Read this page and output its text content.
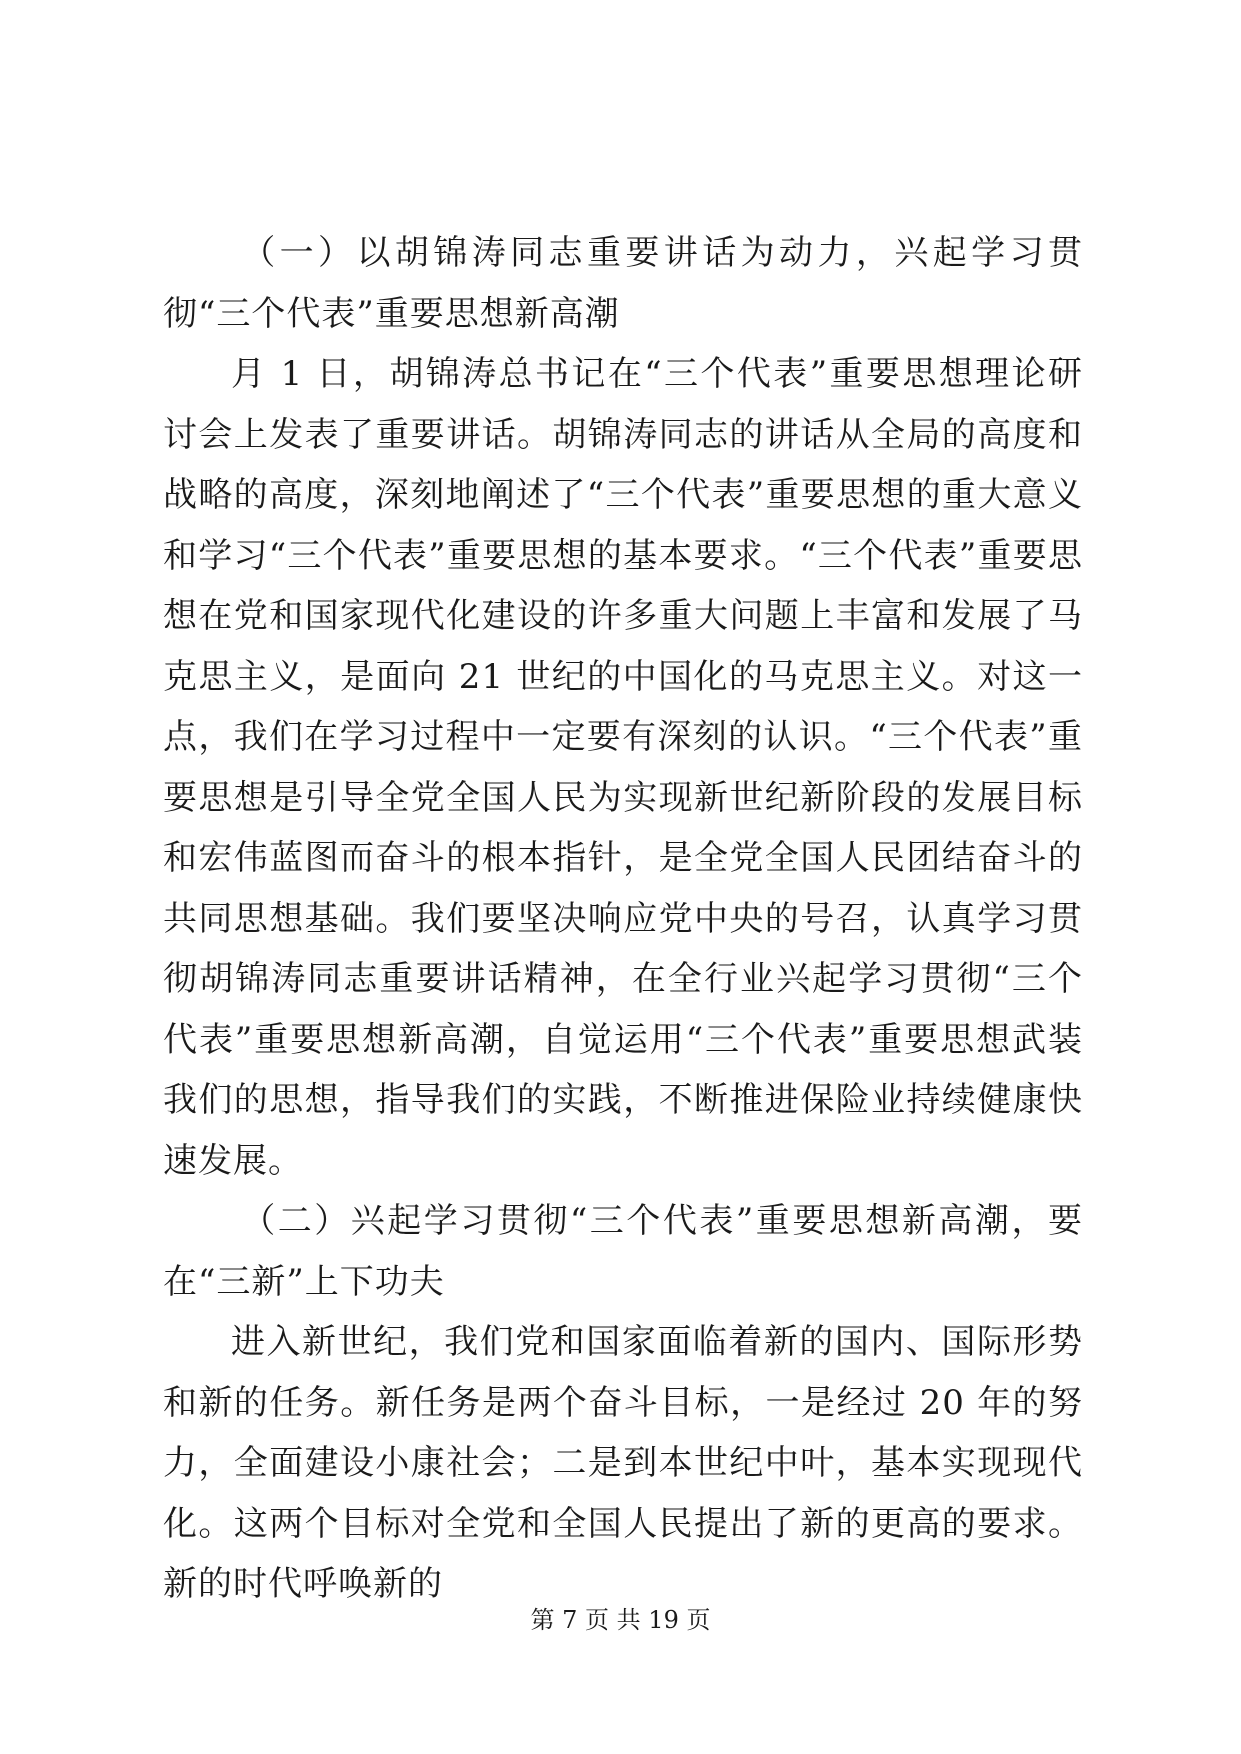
（一）以胡锦涛同志重要讲话为动力，兴起学习贯彻“三个代表”重要思想新高潮

月 1 日，胡锦涛总书记在“三个代表”重要思想理论研讨会上发表了重要讲话。胡锦涛同志的讲话从全局的高度和战略的高度，深刻地阐述了“三个代表”重要思想的重大意义和学习“三个代表”重要思想的基本要求。“三个代表”重要思想在党和国家现代化建设的许多重大问题上丰富和发展了马克思主义，是面向 21 世纪的中国化的马克思主义。对这一点，我们在学习过程中一定要有深刻的认识。“三个代表”重要思想是引导全党全国人民为实现新世纪新阶段的发展目标和宏伟蓝图而奋斗的根本指针，是全党全国人民团结奋斗的共同思想基础。我们要坚决响应党中央的号召，认真学习贯彻胡锦涛同志重要讲话精神，在全行业兴起学习贯彻“三个代表”重要思想新高潮，自觉运用“三个代表”重要思想武装我们的思想，指导我们的实践，不断推进保险业持续健康快速发展。

（二）兴起学习贯彻“三个代表”重要思想新高潮，要在“三新”上下功夫

进入新世纪，我们党和国家面临着新的国内、国际形势和新的任务。新任务是两个奋斗目标，一是经过 20 年的努力，全面建设小康社会；二是到本世纪中叶，基本实现现代化。这两个目标对全党和全国人民提出了新的更高的要求。新的时代呼唤新的

第 7 页 共 19 页
